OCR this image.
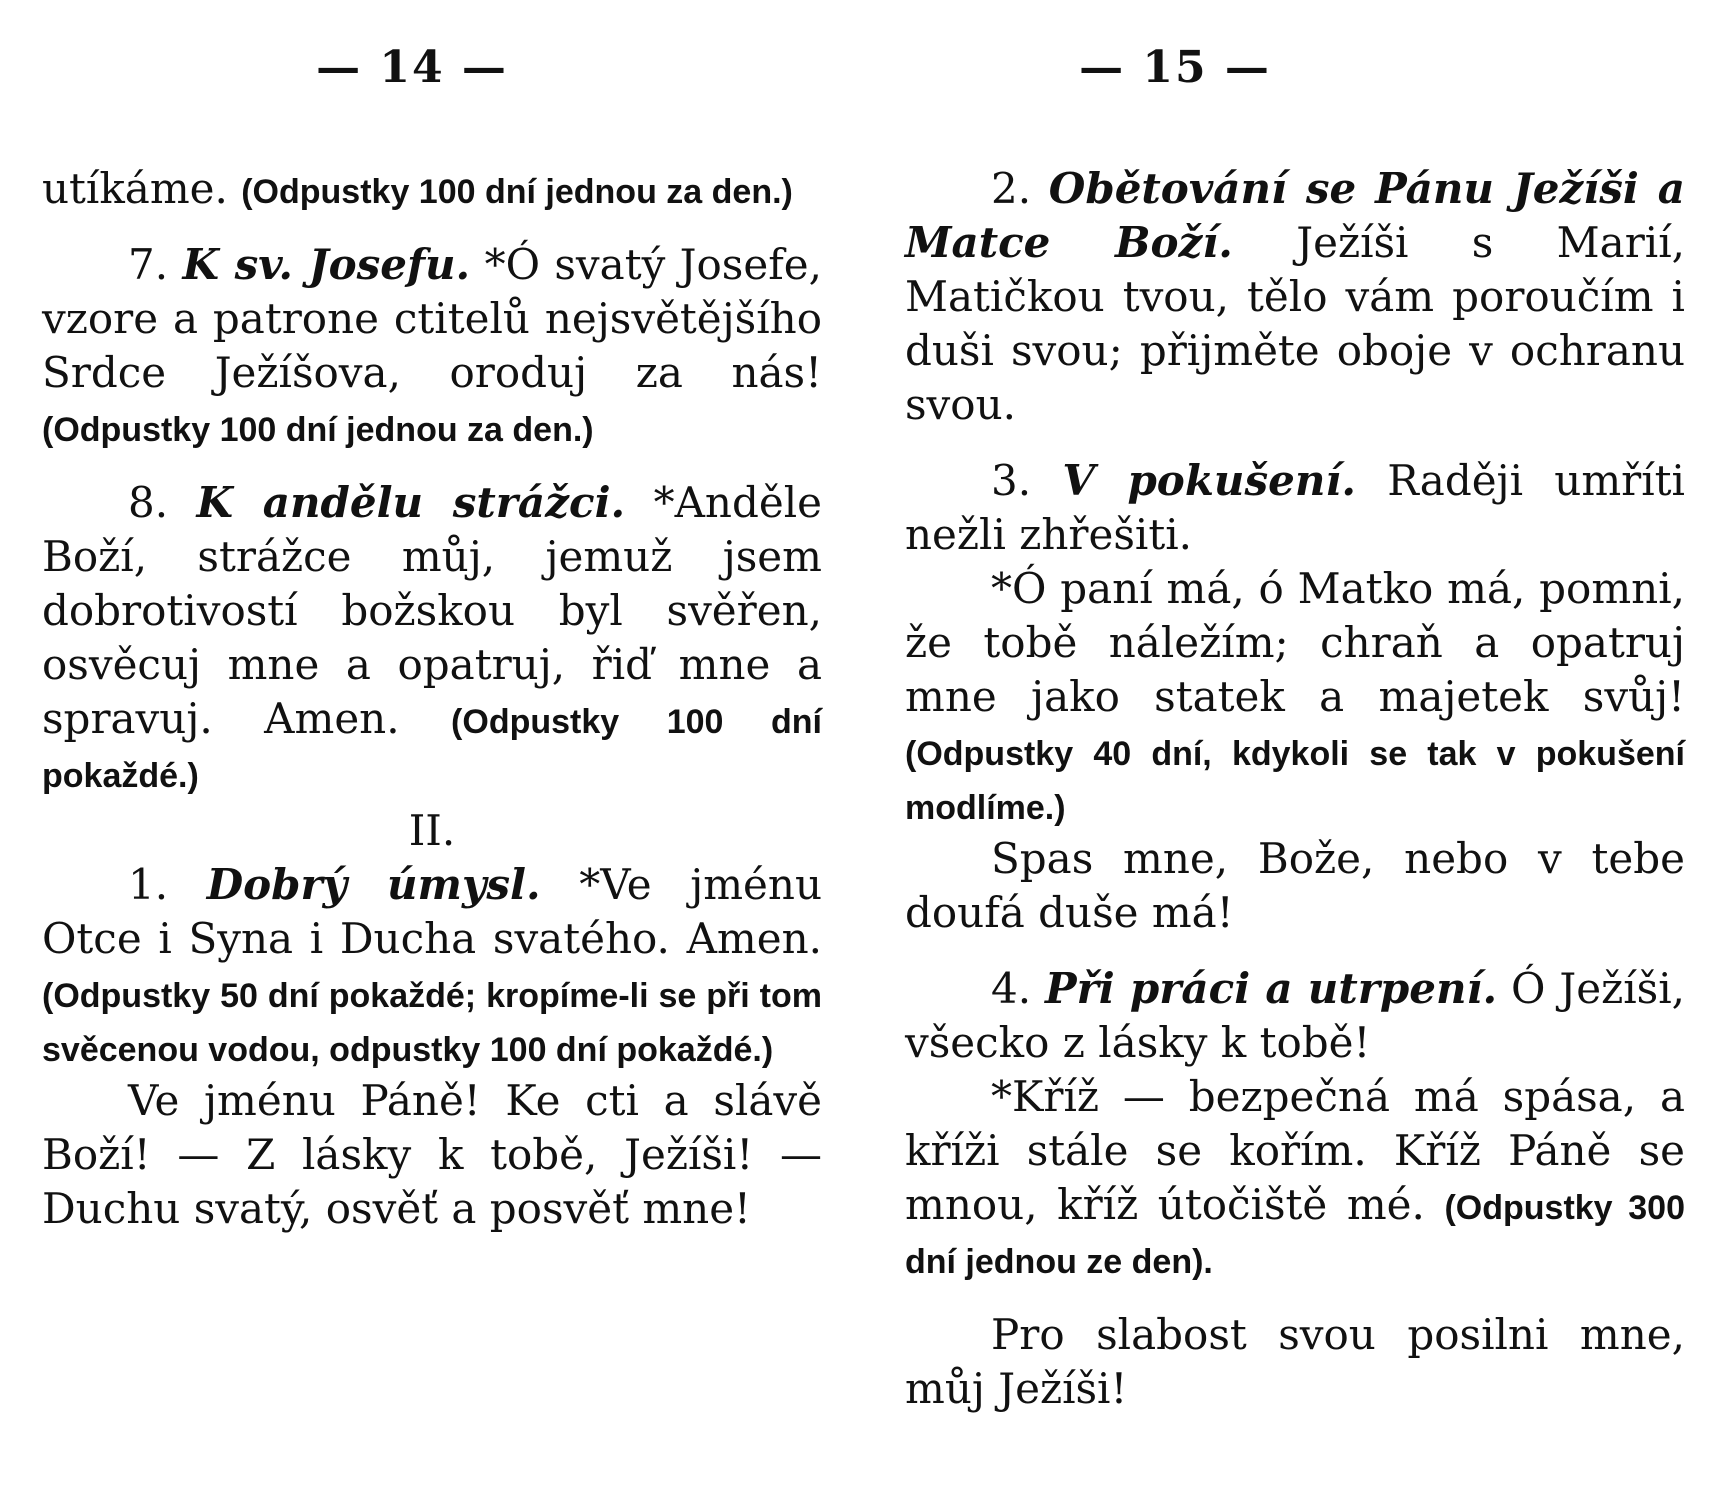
— 14 —

utíkáme. (Odpustky 100 dní jednou za den.)

7. K sv. Josefu. *Ó svatý Josefe, vzore a patrone ctitelů nejsvětějšího Srdce Ježíšova, oroduj za nás! (Odpustky 100 dní jednou za den.)

8. K andělu strážci. *Anděle Boží, strážce můj, jemuž jsem dobrotivostí božskou byl svěřen, osvěcuj mne a opatruj, řiď mne a spravuj. Amen. (Odpustky 100 dní pokaždé.)

II.

1. Dobrý úmysl. *Ve jménu Otce i Syna i Ducha svatého. Amen. (Odpustky 50 dní pokaždé; kropíme-li se při tom svěcenou vodou, odpustky 100 dní pokaždé.)

Ve jménu Páně! Ke cti a slávě Boží! — Z lásky k tobě, Ježíši! — Duchu svatý, osvěť a posvěť mne!

— 15 —

2. Obětování se Pánu Ježíši a Matce Boží. Ježíši s Marií, Matičkou tvou, tělo vám poroučím i duši svou; přijměte oboje v ochranu svou.

3. V pokušení. Raději umříti nežli zhřešiti.

*Ó paní má, ó Matko má, pomni, že tobě náležím; chraň a opatruj mne jako statek a majetek svůj! (Odpustky 40 dní, kdykoli se tak v pokušení modlíme.)

Spas mne, Bože, nebo v tebe doufá duše má!

4. Při práci a utrpení. Ó Ježíši, všecko z lásky k tobě!

*Kříž — bezpečná má spása, a kříži stále se kořím. Kříž Páně se mnou, kříž útočiště mé. (Odpustky 300 dní jednou ze den).

Pro slabost svou posilni mne, můj Ježíši!
